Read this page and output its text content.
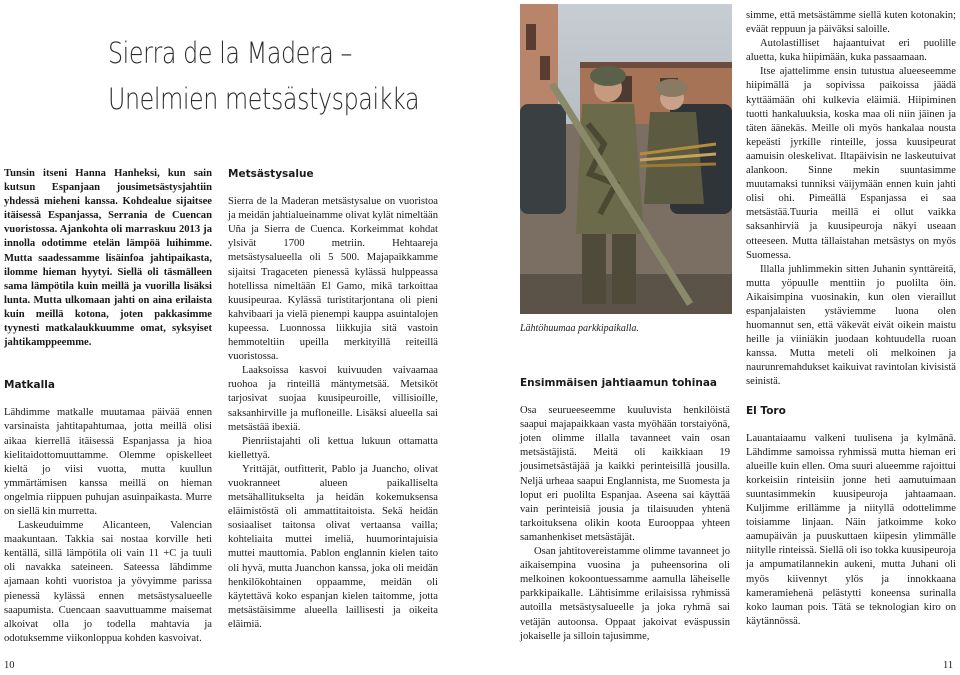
Sierra de la Madera –
Unelmien metsästyspaikka

Tunsin itseni Hanna Hanheksi, kun sain kutsun Espanjaan jousimetsästysjahtiin yhdessä mieheni kanssa. Kohdealue sijaitsee itäisessä Espanjassa, Serrania de Cuencan vuoristossa. Ajankohta oli marraskuu 2013 ja innolla odotimme etelän lämpöä luihimme. Mutta saadessamme lisäinfoa jahtipaikasta, ilomme hieman hyytyi. Siellä oli täsmälleen sama lämpötila kuin meillä ja vuorilla lisäksi lunta. Mutta ulkomaan jahti on aina erilaista kuin meillä kotona, joten pakkasimme tyynesti matkalaukkuumme omat, syksyiset jahtikamppeemme.

Matkalla

Lähdimme matkalle muutamaa päivää ennen varsinaista jahtitapahtumaa, jotta meillä olisi aikaa kierrellä itäisessä Espanjassa ja hioa kielitaidottomuuttamme. Olemme opiskelleet kieltä jo viisi vuotta, mutta kuullun ymmärtämisen kanssa meillä on hieman ongelmia riippuen puhujan asuinpaikasta. Murre on siellä kin murretta.

Laskeuduimme Alicanteen, Valencian maakuntaan. Takkia sai nostaa korville heti kentällä, sillä lämpötila oli vain 11 +C ja tuuli oli navakka sateineen. Sateessa lähdimme ajamaan kohti vuoristoa ja yövyimme parissa pienessä kylässä ennen metsästysalueelle saapumista. Cuencaan saavuttuamme maisemat alkoivat olla jo todella mahtavia ja odotuksemme viikonloppua kohden kasvoivat.

10

Metsästysalue

Sierra de la Maderan metsästysalue on vuoristoa ja meidän jahtialueinamme olivat kylät nimeltään Uña ja Sierra de Cuenca. Korkeimmat kohdat ylsivät 1700 metriin. Hehtaareja metsästysalueella oli 5 500. Majapaikkamme sijaitsi Tragaceten pienessä kylässä hulppeassa hotellissa nimeltään El Gamo, mikä tarkoittaa kuusipeuraa. Kylässä turistitarjontana oli pieni kahvibaari ja vielä pienempi kauppa asuintalojen kupeessa. Luonnossa liikkujia sitä vastoin hemmoteltiin upeilla merkityillä reiteillä vuoristossa.

Laaksoissa kasvoi kuivuuden vaivaamaa ruohoa ja rinteillä mäntymetsää. Metsiköt tarjosivat suojaa kuusipeuroille, villisioille, saksanhirville ja mufloneille. Lisäksi alueella sai metsästää ibexiä.

Pienriistajahti oli kettua lukuun ottamatta kiellettyä.

Yrittäjät, outfitterit, Pablo ja Juancho, olivat vuokranneet alueen paikalliselta metsähallitukselta ja heidän kokemuksensa eläimistöstä oli ammattitaitoista. Sekä heidän sosiaaliset taitonsa olivat vertaansa vailla; kohteliaita muttei imeliä, huumorintajuisia muttei mauttomia. Pablon englannin kielen taito oli hyvä, mutta Juanchon kanssa, joka oli meidän henkilökohtainen oppaamme, meidän oli käytettävä koko espanjan kielen taitomme, jotta metsästäisimme alueella laillisesti ja oikeita eläimiä.

Lähtöhuumaa parkkipaikalla.

Ensimmäisen jahtiaamun tohinaa

Osa seurueeseemme kuuluvista henkilöistä saapui majapaikkaan vasta myöhään torstaiyönä, joten olimme illalla tavanneet vain osan metsästäjistä. Meitä oli kaikkiaan 19 jousimetsästäjää ja kaikki perinteisillä jousilla. Neljä urheaa saapui Englannista, me Suomesta ja loput eri puolilta Espanjaa. Aseena sai käyttää vain perinteisiä jousia ja tilaisuuden yhtenä tarkoituksena olikin koota Eurooppaa yhteen samanhenkiset metsästäjät.

Osan jahtitovereistamme olimme tavanneet jo aikaisempina vuosina ja puheensorina oli melkoinen kokoontuessamme aamulla läheiselle parkkipaikalle. Lähtisimme erilaisissa ryhmissä autoilla metsästysalueelle ja joka ryhmä sai vetäjän autoonsa. Oppaat jakoivat eväspussin jokaiselle ja silloin tajusimme,

simme, että metsästämme siellä kuten kotonakin; eväät reppuun ja päiväksi saloille.

Autolastilliset hajaantuivat eri puolille aluetta, kuka hiipimään, kuka passaamaan.

Itse ajattelimme ensin tutustua alueeseemme hiipimällä ja sopivissa paikoissa jäädä kyttäämään ohi kulkevia eläimiä. Hiipiminen tuotti hankaluuksia, koska maa oli niin jäinen ja täten äänekäs. Meille oli myös hankalaa nousta kepeästi jyrkille rinteille, jossa kuusipeurat aamuisin oleskelivat. Iltapäivisin ne laskeutuivat alankoon. Sinne mekin suuntasimme muutamaksi tunniksi väijymään ennen kuin jahti olisi ohi. Pimeällä Espanjassa ei saa metsästää.Tuuria meillä ei ollut vaikka saksanhirviä ja kuusipeuroja näkyi useaan otteeseen. Mutta tällaistahan metsästys on myös Suomessa.

Illalla juhlimmekin sitten Juhanin synttäreitä, mutta yöpuulle menttiin jo puolilta öin. Aikaisimpina vuosinakin, kun olen vieraillut espanjalaisten ystäviemme luona olen huomannut sen, että väkevät eivät oikein maistu heille ja viiniäkin juodaan kohtuudella ruoan kanssa. Mutta meteli oli melkoinen ja naurunremahdukset kaikuivat ravintolan kivisistä seinistä.

El Toro

Lauantaiaamu valkeni tuulisena ja kylmänä. Lähdimme samoissa ryhmissä mutta hieman eri alueille kuin ellen. Oma suuri alueemme rajoittui korkeisiin rinteisiin jonne heti aamutuimaan suuntasimmekin kuusipeuroja jahtaamaan. Kuljimme erillämme ja niityllä odottelimme toisiamme linjaan. Näin jatkoimme koko aamupäivän ja puuskuttaen kiipesin ylimmälle niitylle rinteissä. Siellä oli iso tokka kuusipeuroja ja ampumatilannekin aukeni, mutta Juhani oli myös kiivennyt ylös ja innokkaana kameramiehenä pelästytti koneensa surinalla koko lauman pois. Tätä se teknologian kiro on käytännössä.

11
